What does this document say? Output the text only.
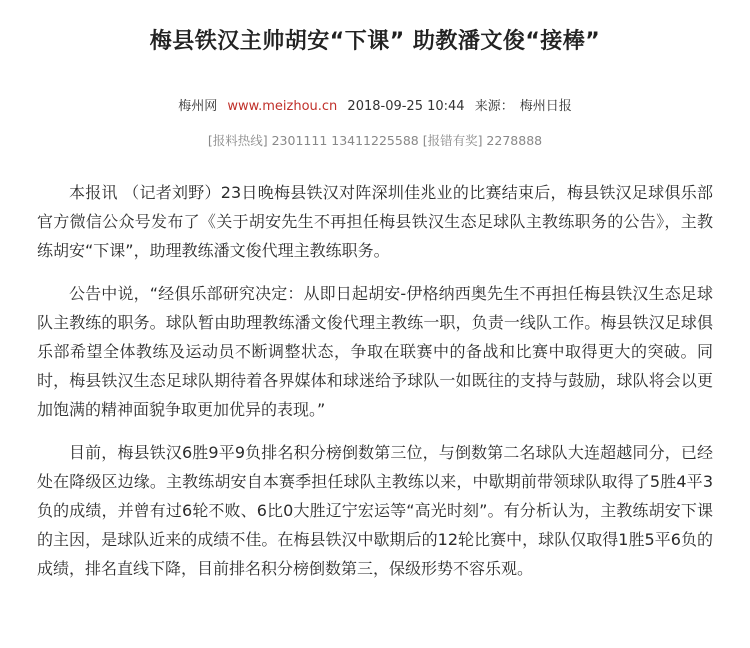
梅县铁汉主帅胡安“下课” 助教潘文俊“接棒”
梅州网 www.meizhou.cn 2018-09-25 10:44 来源： 梅州日报
[报料热线] 2301111 13411225588 [报错有奖] 2278888

本报讯 （记者刘野）23日晚梅县铁汉对阵深圳佳兆业的比赛结束后，梅县铁汉足球俱乐部官方微信公众号发布了《关于胡安先生不再担任梅县铁汉生态足球队主教练职务的公告》，主教练胡安“下课”，助理教练潘文俊代理主教练职务。

公告中说，“经俱乐部研究决定：从即日起胡安-伊格纳西奥先生不再担任梅县铁汉生态足球队主教练的职务。球队暂由助理教练潘文俊代理主教练一职，负责一线队工作。梅县铁汉足球俱乐部希望全体教练及运动员不断调整状态，争取在联赛中的备战和比赛中取得更大的突破。同时，梅县铁汉生态足球队期待着各界媒体和球迷给予球队一如既往的支持与鼓励，球队将会以更加饱满的精神面貌争取更加优异的表现。”

目前，梅县铁汉6胜9平9负排名积分榜倒数第三位，与倒数第二名球队大连超越同分，已经处在降级区边缘。主教练胡安自本赛季担任球队主教练以来，中歇期前带领球队取得了5胜4平3负的成绩，并曾有过6轮不败、6比0大胜辽宁宏运等“高光时刻”。有分析认为，主教练胡安下课的主因，是球队近来的成绩不佳。在梅县铁汉中歇期后的12轮比赛中，球队仅取得1胜5平6负的成绩，排名直线下降，目前排名积分榜倒数第三，保级形势不容乐观。
